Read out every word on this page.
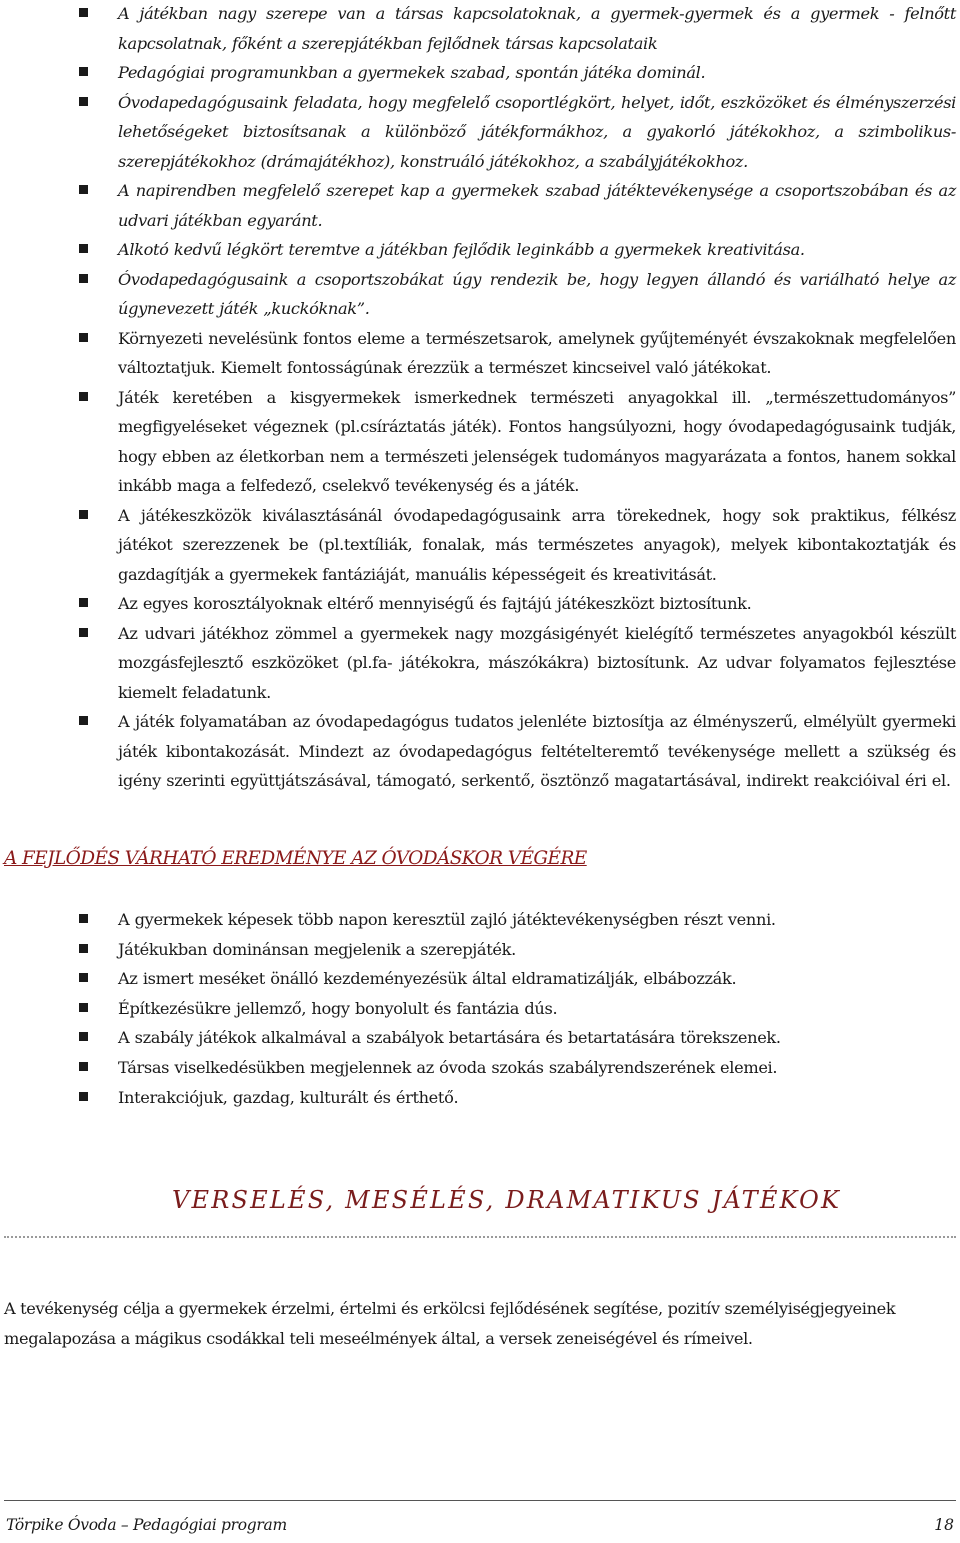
A játékban nagy szerepe van a társas kapcsolatoknak, a gyermek-gyermek és a gyermek - felnőtt kapcsolatnak, főként a szerepjátékban fejlődnek társas kapcsolataik
Pedagógiai programunkban a gyermekek szabad, spontán játéka dominál.
Óvodapedagógusaink feladata, hogy megfelelő csoportlégkört, helyet, időt, eszközöket és élményszerzési lehetőségeket biztosítsanak a különböző játékformákhoz, a gyakorló játékokhoz, a szimbolikus-szerepjátékokhoz (drámajátékhoz), konstruáló játékokhoz, a szabályjátékokhoz.
A napirendben megfelelő szerepet kap a gyermekek szabad játéktevékenysége a csoportszobában és az udvari játékban egyaránt.
Alkotó kedvű légkört teremtve a játékban fejlődik leginkább a gyermekek kreativitása.
Óvodapedagógusaink a csoportszobákat úgy rendezik be, hogy legyen állandó és variálható helye az úgynevezett játék „kuckóknak”.
Környezeti nevelésünk fontos eleme a természetsarok, amelynek gyűjteményét évszakoknak megfelelően változtatjuk. Kiemelt fontosságúnak érezzük a természet kincseivel való játékokat.
Játék keretében a kisgyermekek ismerkednek természeti anyagokkal ill. „természettudományos” megfigyeléseket végeznek (pl.csíráztatás játék). Fontos hangsúlyozni, hogy óvodapedagógusaink tudják, hogy ebben az életkorban nem a természeti jelenségek tudományos magyarázata a fontos, hanem sokkal inkább maga a felfedező, cselekvő tevékenység és a játék.
A játékeszközök kiválasztásánál óvodapedagógusaink arra törekednek, hogy sok praktikus, félkész játékot szerezzenek be (pl.textíliák, fonalak, más természetes anyagok), melyek kibontakoztatják és gazdagítják a gyermekek fantáziáját, manuális képességeit és kreativitását.
Az egyes korosztályoknak eltérő mennyiségű és fajtájú játékeszközt biztosítunk.
Az udvari játékhoz zömmel a gyermekek nagy mozgásigényét kielégítő természetes anyagokból készült mozgásfejlesztő eszközöket (pl.fa- játékokra, mászókákra) biztosítunk. Az udvar folyamatos fejlesztése kiemelt feladatunk.
A játék folyamatában az óvodapedagógus tudatos jelenléte biztosítja az élményszerű, elmélyült gyermeki játék kibontakozását. Mindezt az óvodapedagógus feltételteremtő tevékenysége mellett a szükség és igény szerinti együttjátszásával, támogató, serkentő, ösztönző magatartásával, indirekt reakcióival éri el.
A FEJLŐDÉS VÁRHATÓ EREDMÉNYE AZ ÓVODÁSKOR VÉGÉRE
A gyermekek képesek több napon keresztül zajló játéktevékenységben részt venni.
Játékukban dominánsan megjelenik a szerepjáték.
Az ismert meséket önálló kezdeményezésük által eldramatizálják, elbábozzák.
Építkezésükre jellemző, hogy bonyolult és fantázia dús.
A szabály játékok alkalmával a szabályok betartására és betartatására törekszenek.
Társas viselkedésükben megjelennek az óvoda szokás szabályrendszerének elemei.
Interakciójuk, gazdag, kulturált és érthető.
VERSELÉS, MESÉLÉS, DRAMATIKUS JÁTÉKOK

A tevékenység célja a gyermekek érzelmi, értelmi és erkölcsi fejlődésének segítése, pozitív személyiségjegyeinek megalapozása a mágikus csodákkal teli meseélmények által, a versek zeneiségével és rímeivel.

Törpike Óvoda – Pedagógiai program	18
